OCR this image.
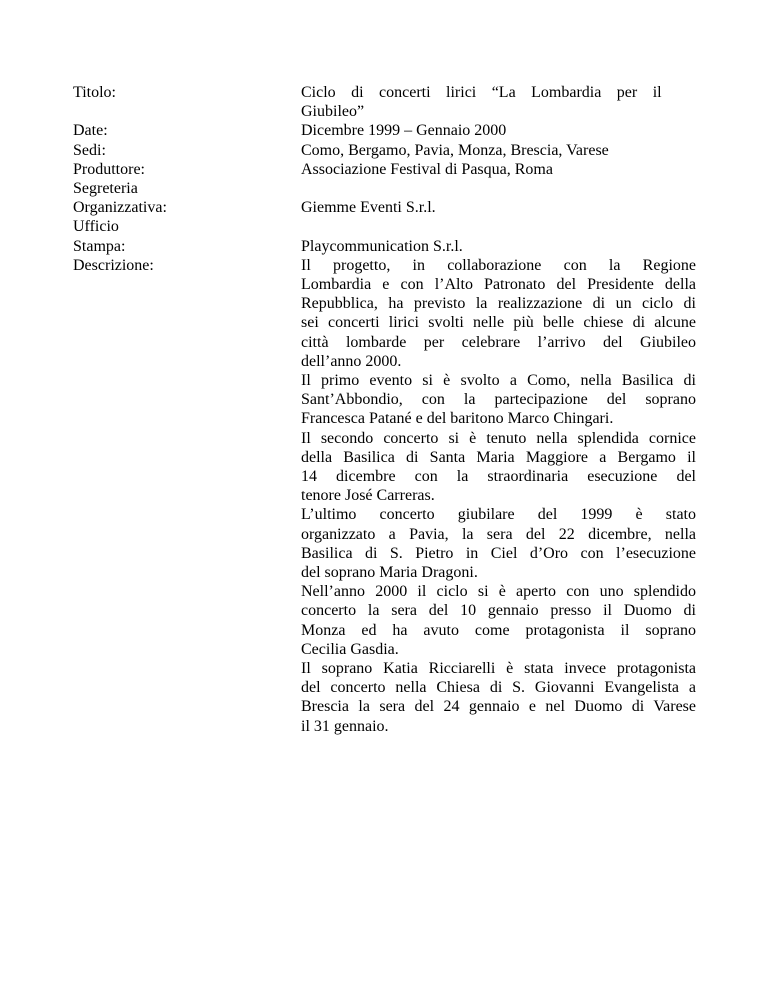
Titolo:
Date:
Sedi:
Produttore:
Segreteria
Organizzativa:
Ufficio
Stampa:
Descrizione:
Ciclo di concerti lirici “La Lombardia per il
Giubileo”
Dicembre 1999 – Gennaio 2000
Como, Bergamo, Pavia, Monza, Brescia, Varese
Associazione Festival di Pasqua, Roma
Giemme Eventi S.r.l.
Playcommunication S.r.l.
Il progetto, in collaborazione con la Regione
Lombardia e con l’Alto Patronato del Presidente della
Repubblica, ha previsto la realizzazione di un ciclo di
sei concerti lirici svolti nelle più belle chiese di alcune
città lombarde per celebrare l’arrivo del Giubileo
dell’anno 2000.
Il primo evento si è svolto a Como, nella Basilica di
Sant’Abbondio, con la partecipazione del soprano
Francesca Patané e del baritono Marco Chingari.
Il secondo concerto si è tenuto nella splendida cornice
della Basilica di Santa Maria Maggiore a Bergamo il
14 dicembre con la straordinaria esecuzione del
tenore José Carreras.
L’ultimo concerto giubilare del 1999 è stato
organizzato a Pavia, la sera del 22 dicembre, nella
Basilica di S. Pietro in Ciel d’Oro con l’esecuzione
del soprano Maria Dragoni.
Nell’anno 2000 il ciclo si è aperto con uno splendido
concerto la sera del 10 gennaio presso il Duomo di
Monza ed ha avuto come protagonista il soprano
Cecilia Gasdia.
Il soprano Katia Ricciarelli è stata invece protagonista
del concerto nella Chiesa di S. Giovanni Evangelista a
Brescia la sera del 24 gennaio e nel Duomo di Varese
il 31 gennaio.
